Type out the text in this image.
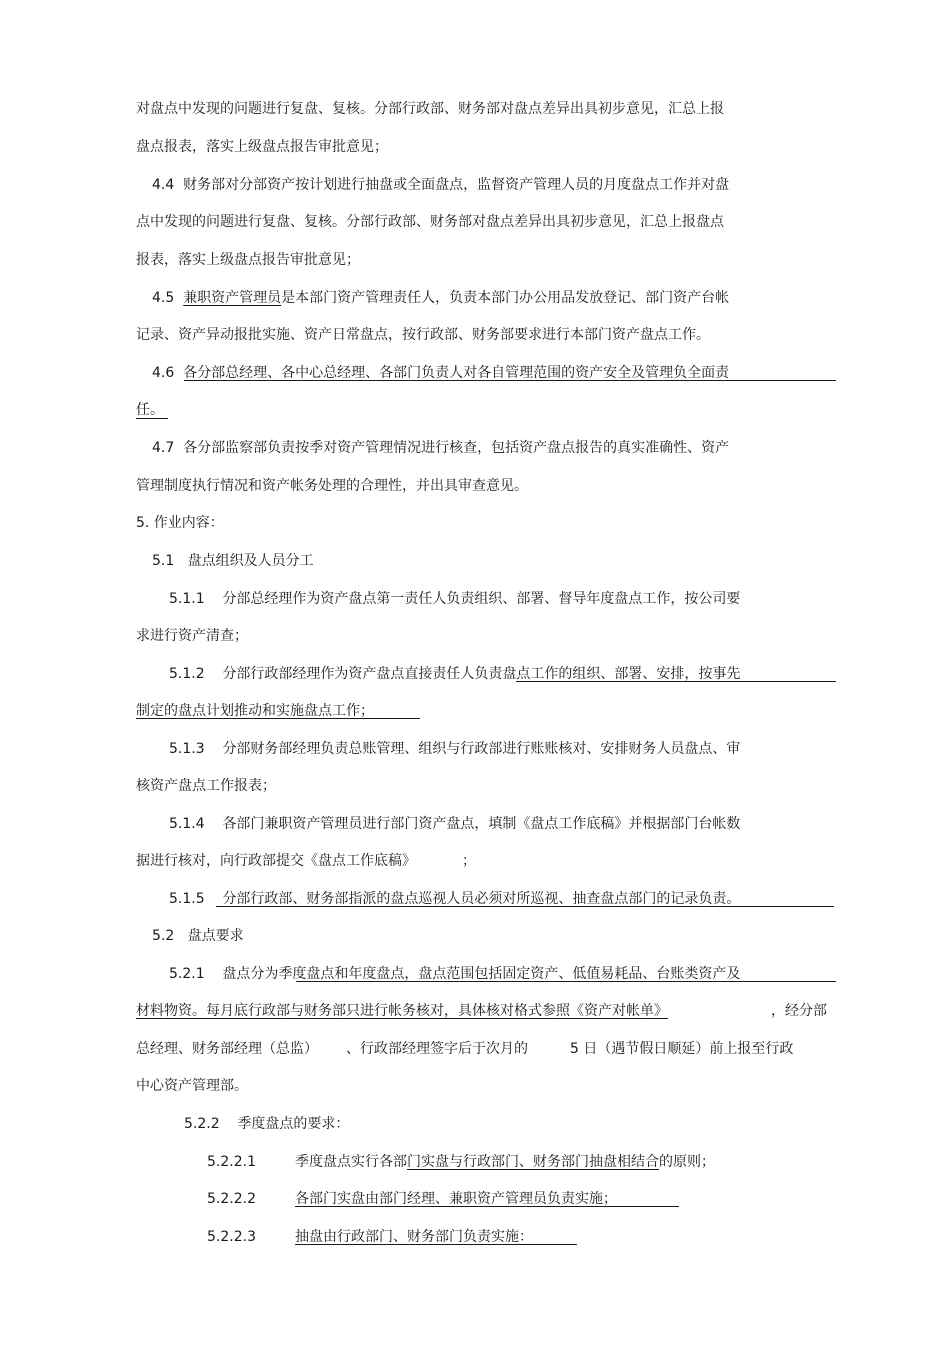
对盘点中发现的问题进行复盘、复核。分部行政部、财务部对盘点差异出具初步意见，汇总上报
盘点报表，落实上级盘点报告审批意见；
4.4 财务部对分部资产按计划进行抽盘或全面盘点，监督资产管理人员的月度盘点工作并对盘
点中发现的问题进行复盘、复核。分部行政部、财务部对盘点差异出具初步意见，汇总上报盘点
报表，落实上级盘点报告审批意见；
4.5 兼职资产管理员是本部门资产管理责任人，负责本部门办公用品发放登记、部门资产台帐
记录、资产异动报批实施、资产日常盘点，按行政部、财务部要求进行本部门资产盘点工作。
4.6 各分部总经理、各中心总经理、各部门负责人对各自管理范围的资产安全及管理负全面责
任。
4.7 各分部监察部负责按季对资产管理情况进行核查，包括资产盘点报告的真实准确性、资产
管理制度执行情况和资产帐务处理的合理性，并出具审查意见。
5. 作业内容：
5.1 盘点组织及人员分工
5.1.1 分部总经理作为资产盘点第一责任人负责组织、部署、督导年度盘点工作，按公司要
求进行资产清查；
5.1.2 分部行政部经理作为资产盘点直接责任人负责盘点工作的组织、部署、安排，按事先
制定的盘点计划推动和实施盘点工作；
5.1.3 分部财务部经理负责总账管理、组织与行政部进行账账核对、安排财务人员盘点、审
核资产盘点工作报表；
5.1.4 各部门兼职资产管理员进行部门资产盘点，填制《盘点工作底稿》并根据部门台帐数
据进行核对，向行政部提交《盘点工作底稿》	；
5.1.5 分部行政部、财务部指派的盘点巡视人员必须对所巡视、抽查盘点部门的记录负责。
5.2 盘点要求
5.2.1 盘点分为季度盘点和年度盘点，盘点范围包括固定资产、低值易耗品、台账类资产及
材料物资。每月底行政部与财务部只进行帐务核对，具体核对格式参照《资产对帐单》	，经分部
总经理、财务部经理（总监） 、行政部经理签字后于次月的	5 日（遇节假日顺延）前上报至行政
中心资产管理部。
5.2.2 季度盘点的要求：
5.2.2.1	季度盘点实行各部门实盘与行政部门、财务部门抽盘相结合的原则；
5.2.2.2	各部门实盘由部门经理、兼职资产管理员负责实施；
5.2.2.3	抽盘由行政部门、财务部门负责实施：
